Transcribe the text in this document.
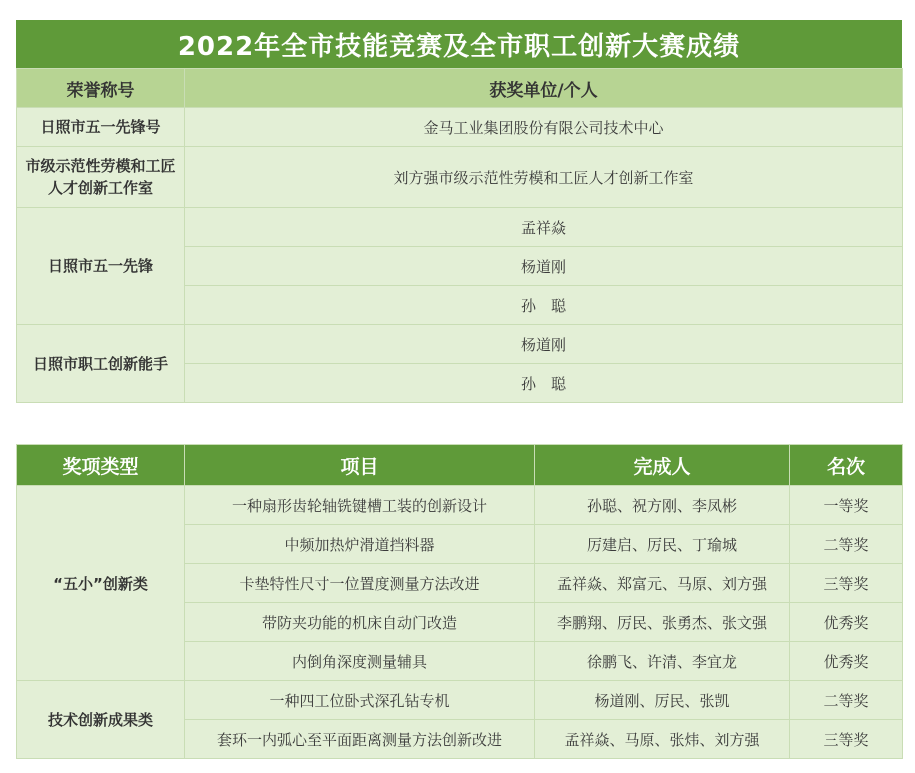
2022年全市技能竞赛及全市职工创新大赛成绩
荣誉称号	获奖单位/个人
日照市五一先锋号	金马工业集团股份有限公司技术中心
市级示范性劳模和工匠
人才创新工作室	刘方强市级示范性劳模和工匠人才创新工作室
日照市五一先锋	孟祥焱
	杨道刚
	孙　聪
日照市职工创新能手	杨道刚
	孙　聪
奖项类型	项目	完成人	名次
“五小”创新类	一种扇形齿轮轴铣键槽工装的创新设计	孙聪、祝方刚、李凤彬	一等奖
	中频加热炉滑道挡料器	厉建启、厉民、丁瑜城	二等奖
	卡垫特性尺寸一位置度测量方法改进	孟祥焱、郑富元、马原、刘方强	三等奖
	带防夹功能的机床自动门改造	李鹏翔、厉民、张勇杰、张文强	优秀奖
	内倒角深度测量辅具	徐鹏飞、许清、李宜龙	优秀奖
技术创新成果类	一种四工位卧式深孔钻专机	杨道刚、厉民、张凯	二等奖
	套环一内弧心至平面距离测量方法创新改进	孟祥焱、马原、张炜、刘方强	三等奖
